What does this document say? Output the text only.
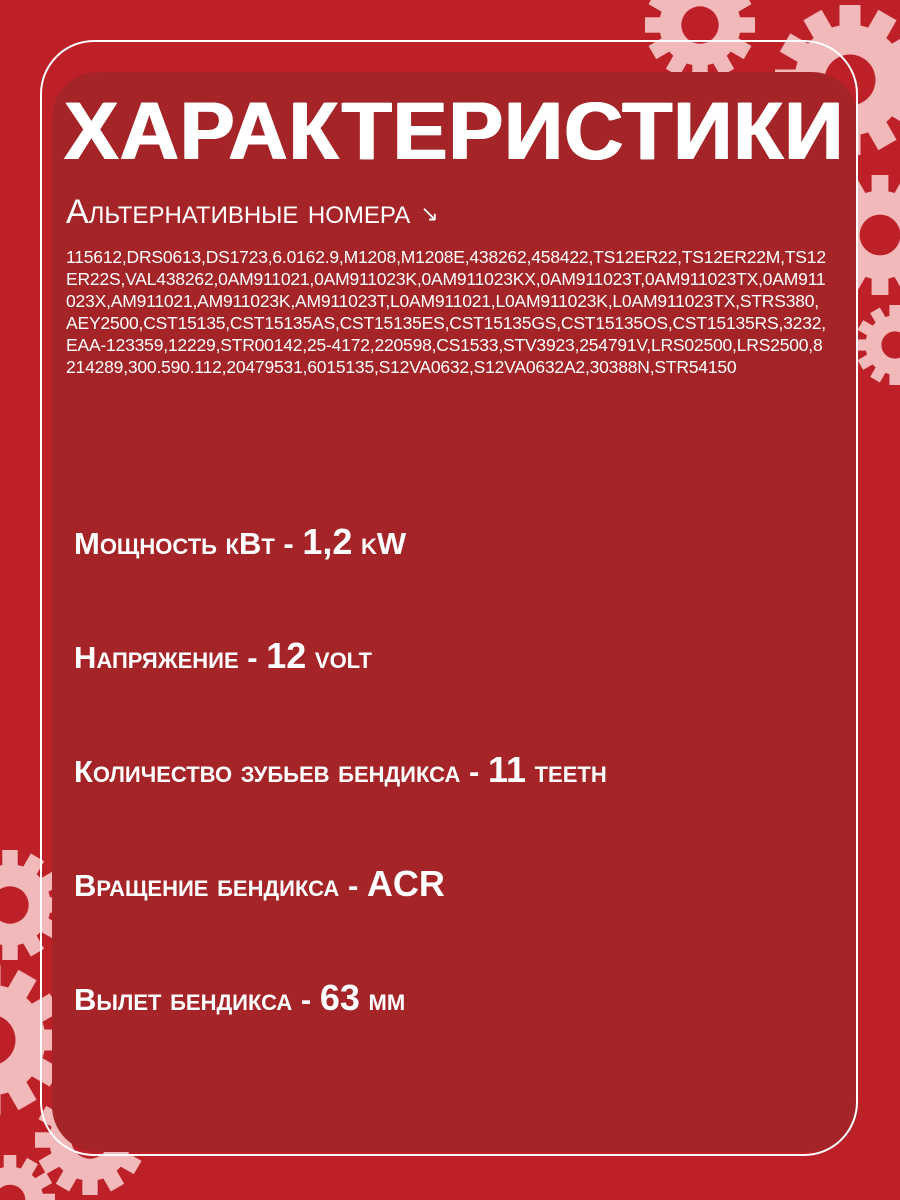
ХАРАКТЕРИСТИКИ

Альтернативные номера ↘

115612,DRS0613,DS1723,6.0162.9,M1208,M1208E,438262,458422,TS12ER22,TS12ER22M,TS12ER22S,VAL438262,0AM911021,0AM911023K,0AM911023KX,0AM911023T,0AM911023TX,0AM911023X,AM911021,AM911023K,AM911023T,L0AM911021,L0AM911023K,L0AM911023TX,STRS380,AEY2500,CST15135,CST15135AS,CST15135ES,CST15135GS,CST15135OS,CST15135RS,3232,EAA-123359,12229,STR00142,25-4172,220598,CS1533,STV3923,254791V,LRS02500,LRS2500,8214289,300.590.112,20479531,6015135,S12VA0632,S12VA0632A2,30388N,STR54150

Мощность кВт - 1,2 kW

Напряжение - 12 volt

Количество зубьев бендикса - 11 teeth

Вращение бендикса - ACR

Вылет бендикса - 63 мм
